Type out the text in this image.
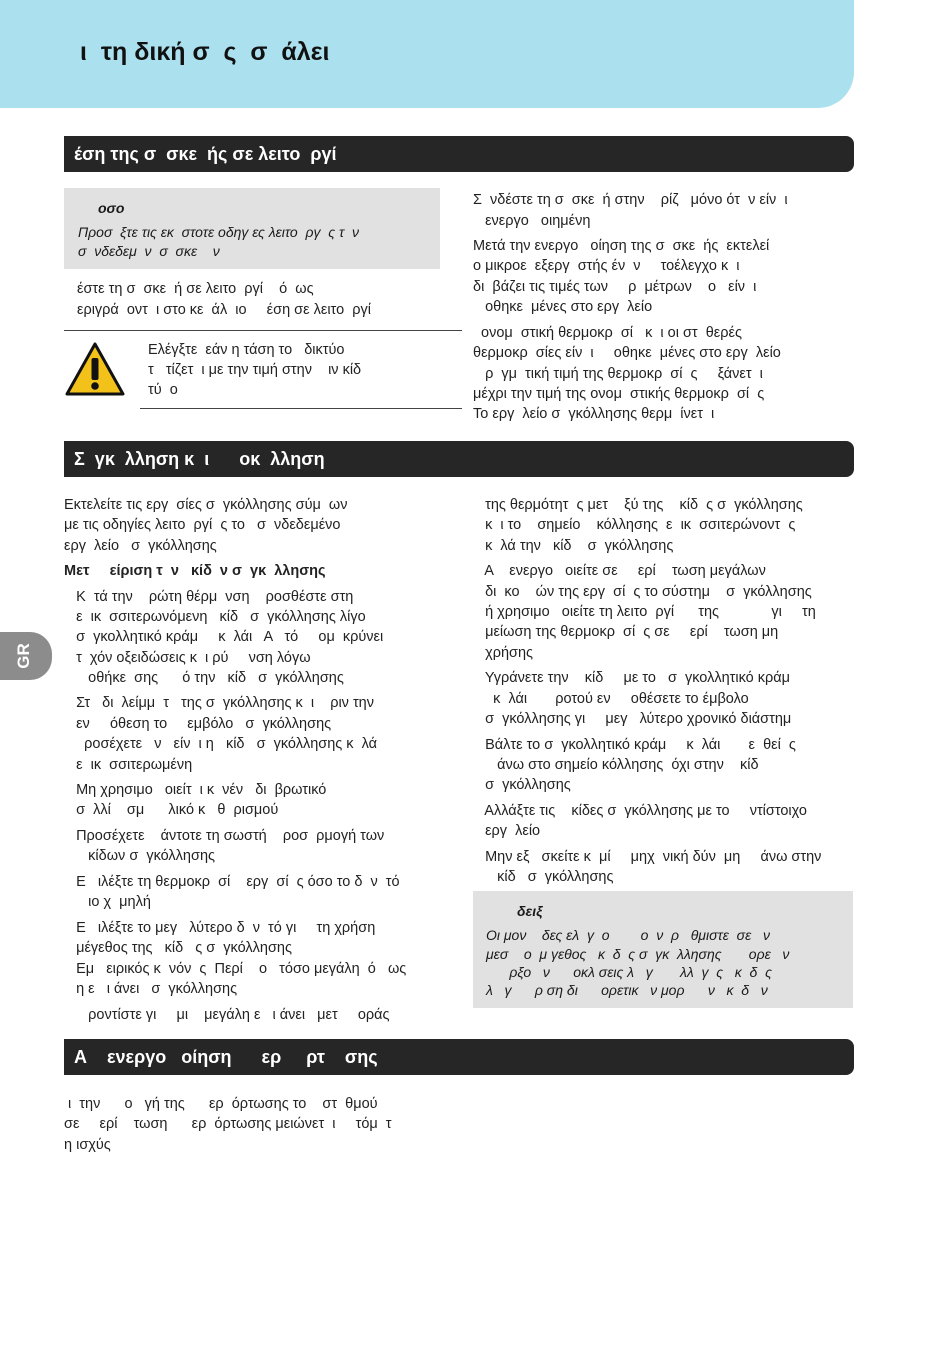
ι  τη δική σ  ς  σ  άλει
GR
έση της σ  σκε  ής σε λειτο  ργί
οσο
Προσ  ξτε τις εκ  στοτε οδηγ ες λειτο  ργ  ς τ  ν
σ  νδεδεμ  ν  σ  σκε    ν
έστε τη σ  σκε  ή σε λειτο  ργί    ό  ως
εριγρά  οντ  ι στο κε  άλ  ιο     έση σε λειτο  ργί
Ελέγξτε  εάν η τάση το   δικτύο
τ   τίζετ  ι με την τιμή στην    ιν κίδ
τύ  ο
Σ  νδέστε τη σ  σκε  ή στην    ρίζ   μόνο ότ  ν είν  ι
ενεργο   οιημένη
Μετά την ενεργο   οίηση της σ  σκε  ής  εκτελεί
ο μικροε  εξεργ  στής έν  ν     τοέλεγχο κ  ι
δι  βάζει τις τιμές των     ρ  μέτρων    ο   είν  ι
οθηκε  μένες στο εργ  λείο
ονομ  στική θερμοκρ  σί   κ  ι οι στ  θερές
θερμοκρ  σίες είν  ι     οθηκε  μένες στο εργ  λείο
ρ  γμ  τική τιμή της θερμοκρ  σί  ς     ξάνετ  ι
μέχρι την τιμή της ονομ  στικής θερμοκρ  σί  ς
Το εργ  λείο σ  γκόλλησης θερμ  ίνετ  ι
Σ  γκ  λληση κ  ι      οκ  λληση
Εκτελείτε τις εργ  σίες σ  γκόλλησης σύμ  ων
με τις οδηγίες λειτο  ργί  ς το   σ  νδεδεμένο
εργ  λείο   σ  γκόλλησης
Μετ     είριση τ  ν   κίδ  ν σ  γκ  λλησης
Κ  τά την    ρώτη θέρμ  νση    ροσθέστε στη
ε  ικ  σσιτερωνόμενη   κίδ   σ  γκόλλησης λίγο
σ  γκολλητικό κράμ     κ  λάι   Α   τό     ομ  κρύνει
τ  χόν οξειδώσεις κ  ι ρύ     νση λόγω
οθήκε  σης      ό την   κίδ   σ  γκόλλησης
Στ   δι  λείμμ  τ   της σ  γκόλλησης κ  ι    ριν την
εν     όθεση το     εμβόλο   σ  γκόλλησης
ροσέχετε   ν   είν  ι η   κίδ   σ  γκόλλησης κ  λά
ε  ικ  σσιτερωμένη
Μη χρησιμο   οιείτ  ι κ  νέν   δι  βρωτικό
σ  λλί    σμ      λικό κ   θ  ρισμού
Προσέχετε    άντοτε τη σωστή    ροσ  ρμογή των
κίδων σ  γκόλλησης
Ε   ιλέξτε τη θερμοκρ  σί    εργ  σί  ς όσο το δ  ν  τό
ιο χ  μηλή
Ε   ιλέξτε το μεγ   λύτερο δ  ν  τό γι     τη χρήση
μέγεθος της   κίδ   ς σ  γκόλλησης
Εμ   ειρικός κ  νόν  ς  Περί    ο   τόσο μεγάλη  ό   ως
η ε   ι άνει   σ  γκόλλησης
ροντίστε γι     μι    μεγάλη ε   ι άνει   μετ     οράς
της θερμότητ  ς μετ    ξύ της    κίδ  ς σ  γκόλλησης
κ  ι το    σημείο    κόλλησης  ε  ικ  σσιτερώνοντ  ς
κ  λά την   κίδ    σ  γκόλλησης
Α    ενεργο   οιείτε σε     ερί    τωση μεγάλων
δι  κο    ών της εργ  σί  ς το σύστημ    σ  γκόλλησης
ή χρησιμο   οιείτε τη λειτο  ργί      της             γι     τη
μείωση της θερμοκρ  σί  ς σε     ερί    τωση μη
χρήσης
Υγράνετε την    κίδ     με το   σ  γκολλητικό κράμ
κ  λάι       ροτού εν     οθέσετε το έμβολο
σ  γκόλλησης γι     μεγ   λύτερο χρονικό διάστημ
Βάλτε το σ  γκολλητικό κράμ     κ  λάι       ε  θεί  ς
άνω στο σημείο κόλλησης  όχι στην    κίδ
σ  γκόλλησης
Αλλάξτε τις    κίδες σ  γκόλλησης με το     ντίστοιχο
εργ  λείο
Μην εξ   σκείτε κ  μί     μηχ  νική δύν  μη     άνω στην
κίδ   σ  γκόλλησης
δειξ
Οι μον    δες ελ  γ  ο        ο  ν  ρ   θμιστε  σε   ν
μεσ    ο  μ γεθος   κ  δ  ς σ  γκ  λλησης       ορε   ν
ρξο   ν      οκλ σεις λ   γ       λλ  γ  ς   κ  δ  ς
λ   γ      ρ ση δι      ορετικ   ν μορ      ν   κ  δ   ν
Α    ενεργο   οίηση      ερ     ρτ    σης
ι  την      ο   γή της      ερ  όρτωσης το    στ  θμού
σε     ερί    τωση      ερ  όρτωσης μειώνετ  ι     τόμ  τ
η ισχύς
